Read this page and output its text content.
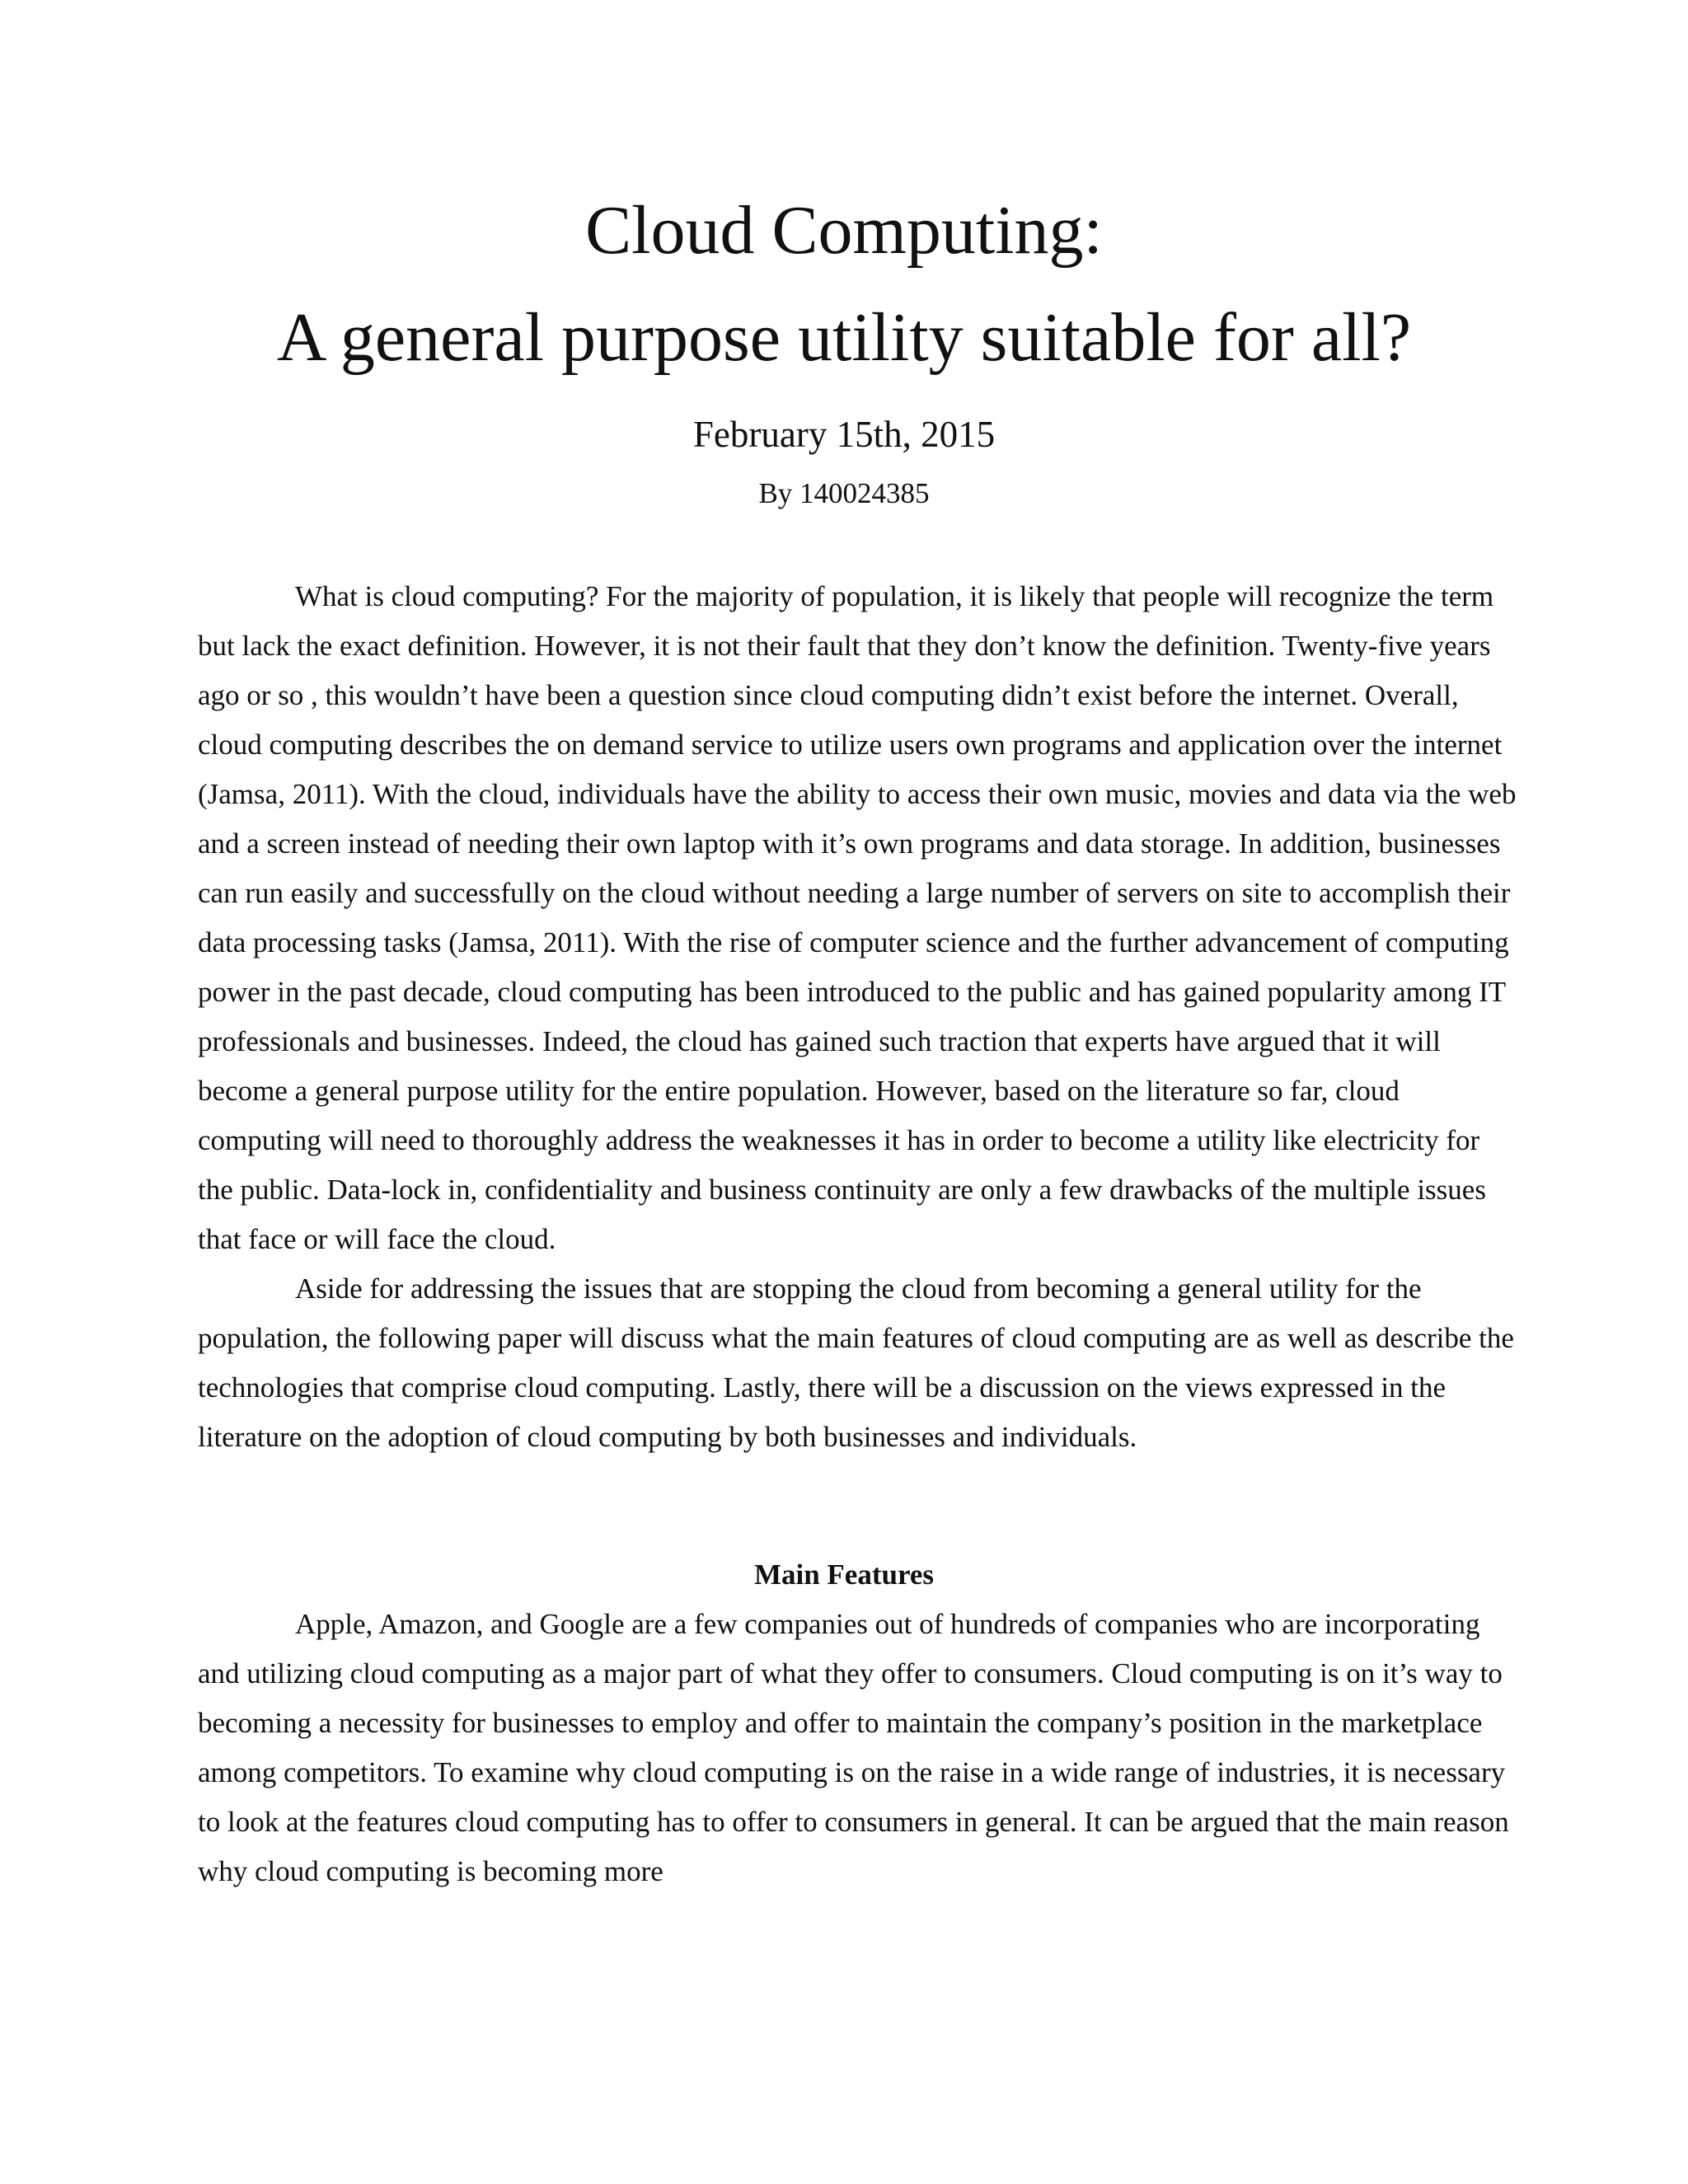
Cloud Computing:
A general purpose utility suitable for all?
February 15th, 2015
By 140024385

What is cloud computing? For the majority of population, it is likely that people will recognize the term but lack the exact definition. However, it is not their fault that they don’t know the definition. Twenty-five years ago or so , this wouldn’t have been a question since cloud computing didn’t exist before the internet. Overall, cloud computing describes the on demand service to utilize users own programs and application over the internet (Jamsa, 2011). With the cloud, individuals have the ability to access their own music, movies and data via the web and a screen instead of needing their own laptop with it’s own programs and data storage. In addition, businesses can run easily and successfully on the cloud without needing a large number of servers on site to accomplish their data processing tasks (Jamsa, 2011). With the rise of computer science and the further advancement of computing power in the past decade, cloud computing has been introduced to the public and has gained popularity among IT professionals and businesses. Indeed, the cloud has gained such traction that experts have argued that it will become a general purpose utility for the entire population. However, based on the literature so far, cloud computing will need to thoroughly address the weaknesses it has in order to become a utility like electricity for the public. Data-lock in, confidentiality and business continuity are only a few drawbacks of the multiple issues that face or will face the cloud.

Aside for addressing the issues that are stopping the cloud from becoming a general utility for the population, the following paper will discuss what the main features of cloud computing are as well as describe the technologies that comprise cloud computing. Lastly, there will be a discussion on the views expressed in the literature on the adoption of cloud computing by both businesses and individuals.

Main Features

Apple, Amazon, and Google are a few companies out of hundreds of companies who are incorporating and utilizing cloud computing as a major part of what they offer to consumers. Cloud computing is on it’s way to becoming a necessity for businesses to employ and offer to maintain the company’s position in the marketplace among competitors. To examine why cloud computing is on the raise in a wide range of industries, it is necessary to look at the features cloud computing has to offer to consumers in general. It can be argued that the main reason why cloud computing is becoming more
